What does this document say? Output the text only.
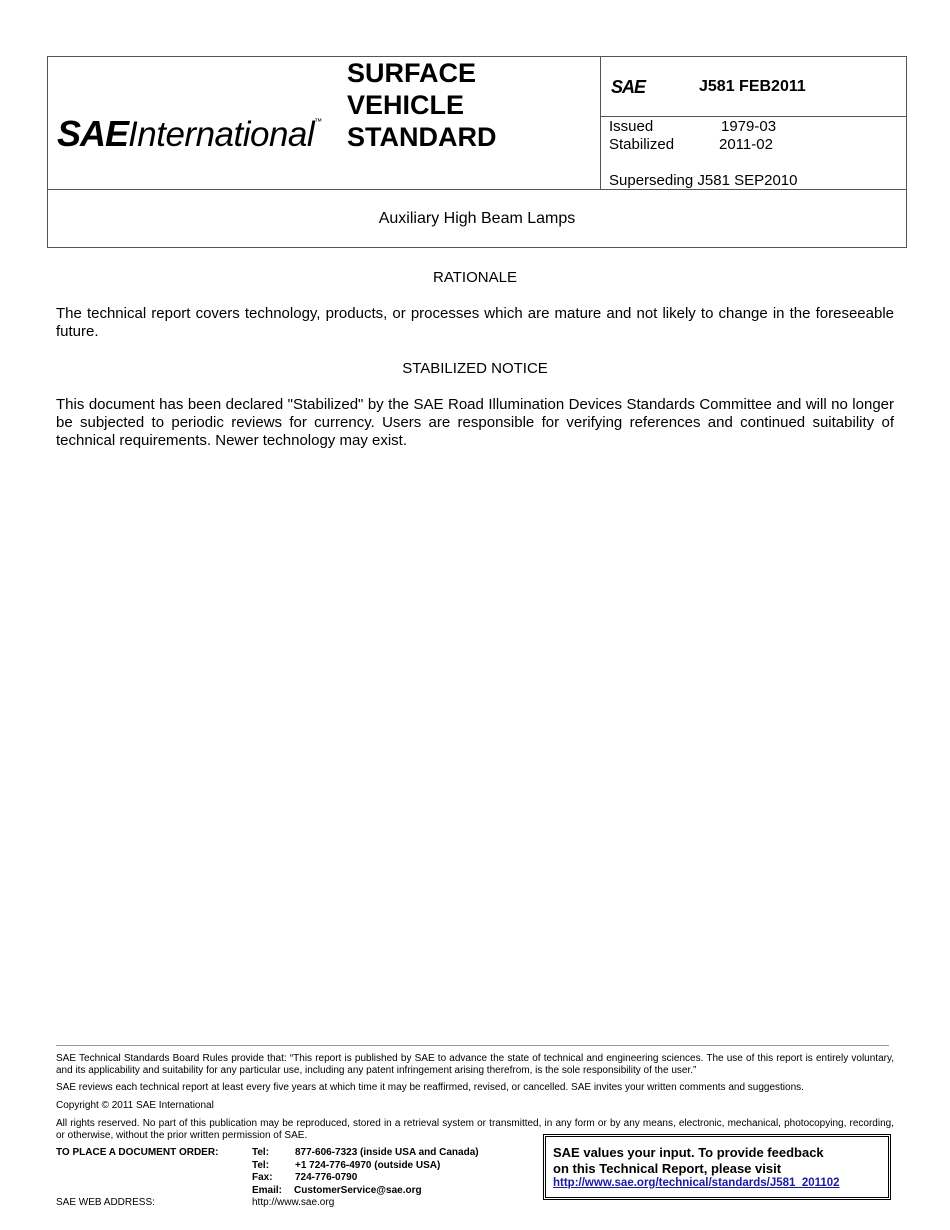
SAEInternational™
SURFACE
VEHICLE
STANDARD
SAE	J581 FEB2011
Issued	1979-03
Stabilized	2011-02
Superseding J581 SEP2010
Auxiliary High Beam Lamps
RATIONALE
The technical report covers technology, products, or processes which are mature and not likely to change in the foreseeable future.
STABILIZED NOTICE
This document has been declared "Stabilized" by the SAE Road Illumination Devices Standards Committee and will no longer be subjected to periodic reviews for currency. Users are responsible for verifying references and continued suitability of technical requirements. Newer technology may exist.
SAE Technical Standards Board Rules provide that: “This report is published by SAE to advance the state of technical and engineering sciences. The use of this report is entirely voluntary, and its applicability and suitability for any particular use, including any patent infringement arising therefrom, is the sole responsibility of the user.”
SAE reviews each technical report at least every five years at which time it may be reaffirmed, revised, or cancelled. SAE invites your written comments and suggestions.
Copyright © 2011 SAE International
All rights reserved. No part of this publication may be reproduced, stored in a retrieval system or transmitted, in any form or by any means, electronic, mechanical, photocopying, recording, or otherwise, without the prior written permission of SAE.
TO PLACE A DOCUMENT ORDER:	Tel:	877-606-7323 (inside USA and Canada)
Tel:	+1 724-776-4970 (outside USA)
Fax: 724-776-0790
Email: CustomerService@sae.org
SAE WEB ADDRESS:	http://www.sae.org
SAE values your input. To provide feedback
on this Technical Report, please visit
http://www.sae.org/technical/standards/J581_201102
